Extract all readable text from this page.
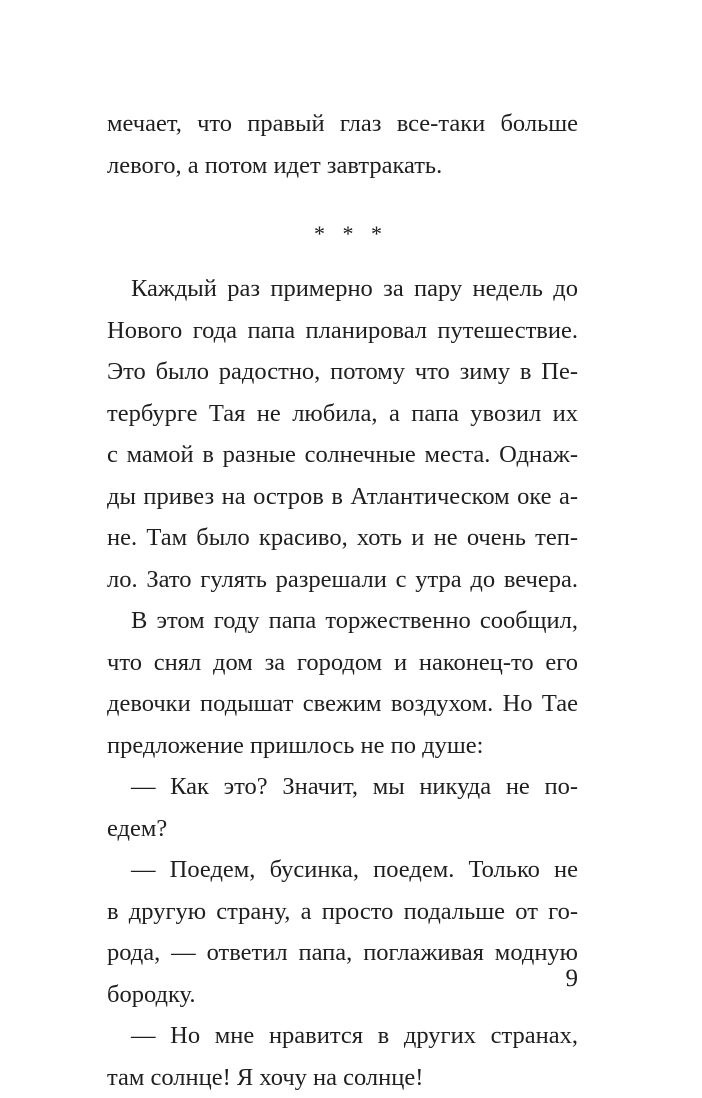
мечает, что правый глаз все-таки больше
левого, а потом идет завтракать.
* * *
Каждый раз примерно за пару недель до
Нового года папа планировал путешествие.
Это было радостно, потому что зиму в Пе-
тербурге Тая не любила, а папа увозил их
с мамой в разные солнечные места. Однаж-
ды привез на остров в Атлантическом оке а-
не. Там было красиво, хоть и не очень теп-
ло. Зато гулять разрешали с утра до вечера.
В этом году папа торжественно сообщил,
что снял дом за городом и наконец-то его
девочки подышат свежим воздухом. Но Тае
предложение пришлось не по душе:
— Как это? Значит, мы никуда не по-
едем?
— Поедем, бусинка, поедем. Только не
в другую страну, а просто подальше от го-
рода, — ответил папа, поглаживая модную
бородку.
— Но мне нравится в других странах,
там солнце! Я хочу на солнце!
9
